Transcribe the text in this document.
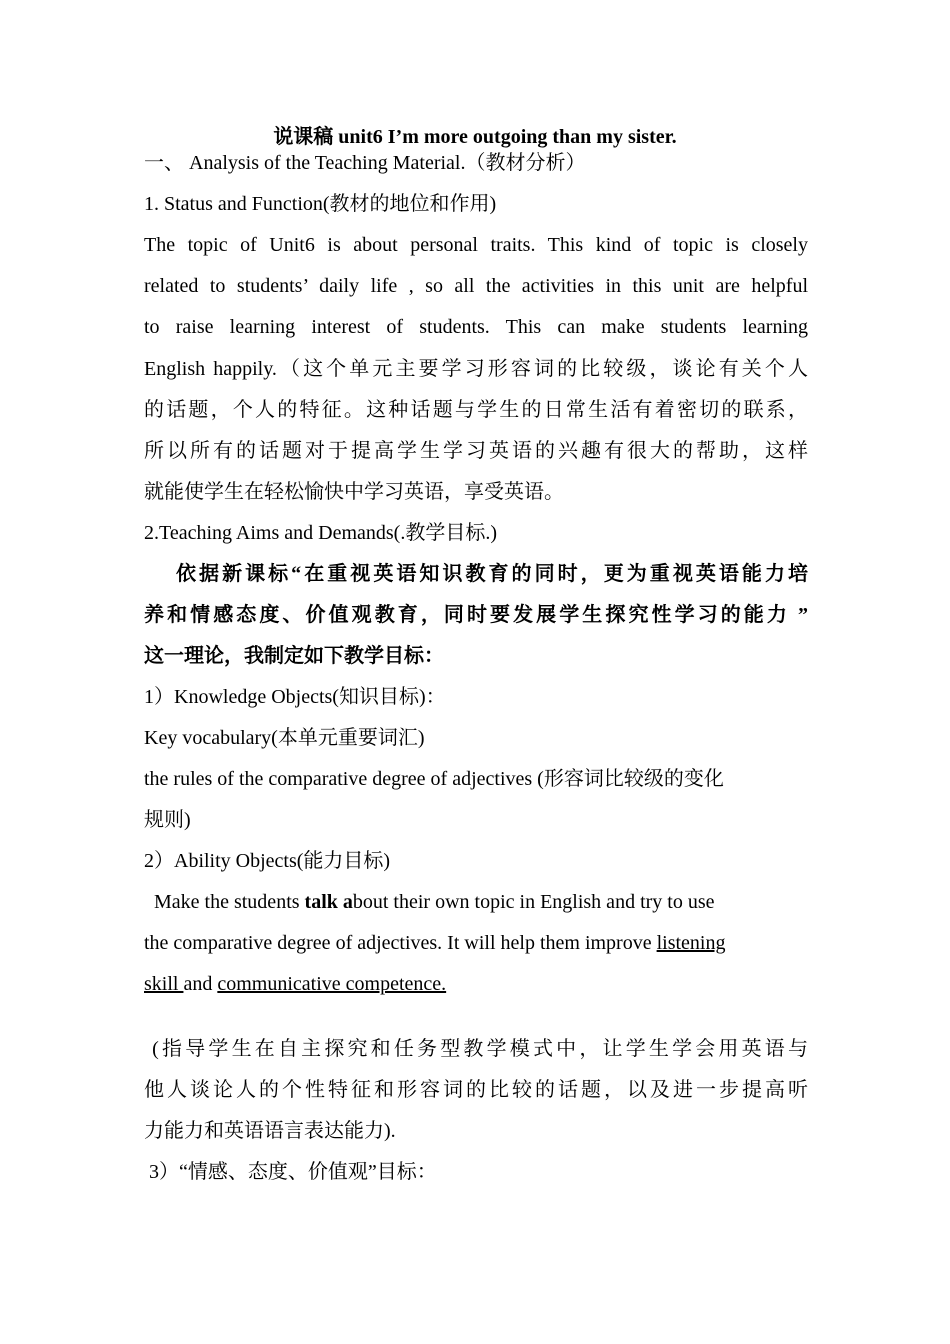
说课稿 unit6 I’m more outgoing than my sister.
一、 Analysis of the Teaching Material.（教材分析）
1. Status and Function(教材的地位和作用)
The topic of Unit6 is about personal traits. This kind of topic is closely
related to students’ daily life , so all the activities in this unit are helpful
to raise learning interest of students. This can make students learning
English happily.（这个单元主要学习形容词的比较级，谈论有关个人
的话题，个人的特征。这种话题与学生的日常生活有着密切的联系，
所以所有的话题对于提高学生学习英语的兴趣有很大的帮助，这样
就能使学生在轻松愉快中学习英语，享受英语。
2.Teaching Aims and Demands(.教学目标.)
依据新课标“在重视英语知识教育的同时，更为重视英语能力培
养和情感态度、价值观教育，同时要发展学生探究性学习的能力 ”
这一理论，我制定如下教学目标：
1）Knowledge Objects(知识目标)：
Key vocabulary(本单元重要词汇)
the rules of the comparative degree of adjectives (形容词比较级的变化
规则)
2）Ability Objects(能力目标)
Make the students talk about their own topic in English and try to use
the comparative degree of adjectives. It will help them improve listening
skill and communicative competence.
(指导学生在自主探究和任务型教学模式中，让学生学会用英语与
他人谈论人的个性特征和形容词的比较的话题，以及进一步提高听
力能力和英语语言表达能力).
3）“情感、态度、价值观”目标：
